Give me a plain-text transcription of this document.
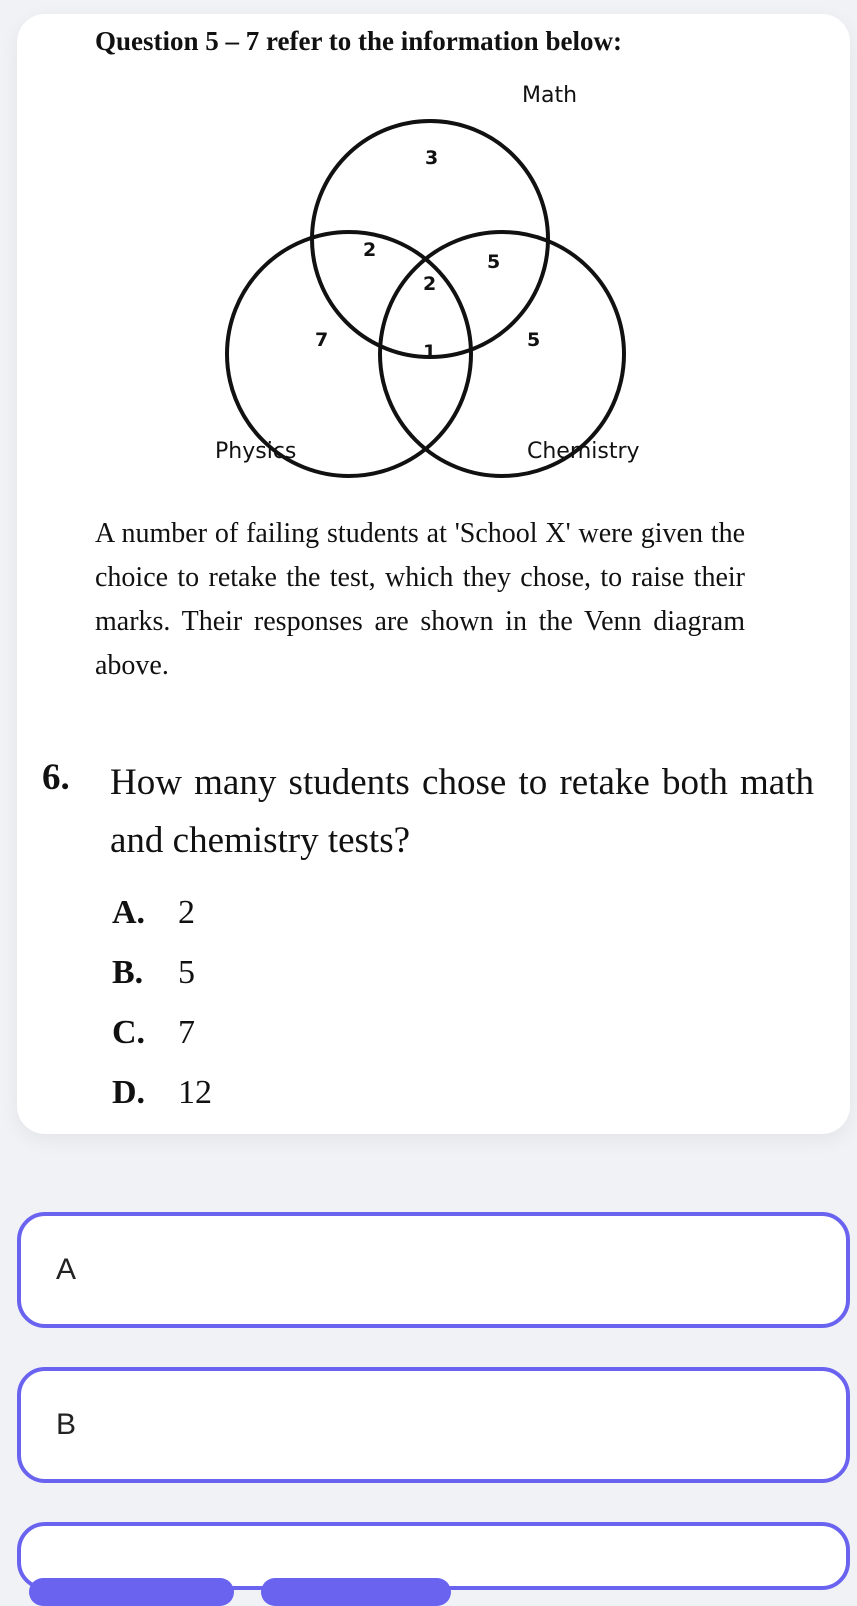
Question 5 – 7 refer to the information below:
Math
Physics	Chemistry
3
2
5
2
7
1
5
A number of failing students at 'School X' were given the choice to retake the test, which they chose, to raise their marks. Their responses are shown in the Venn diagram above.
6. How many students chose to retake both math and chemistry tests?
A. 2
B. 5
C. 7
D. 12
A
B
